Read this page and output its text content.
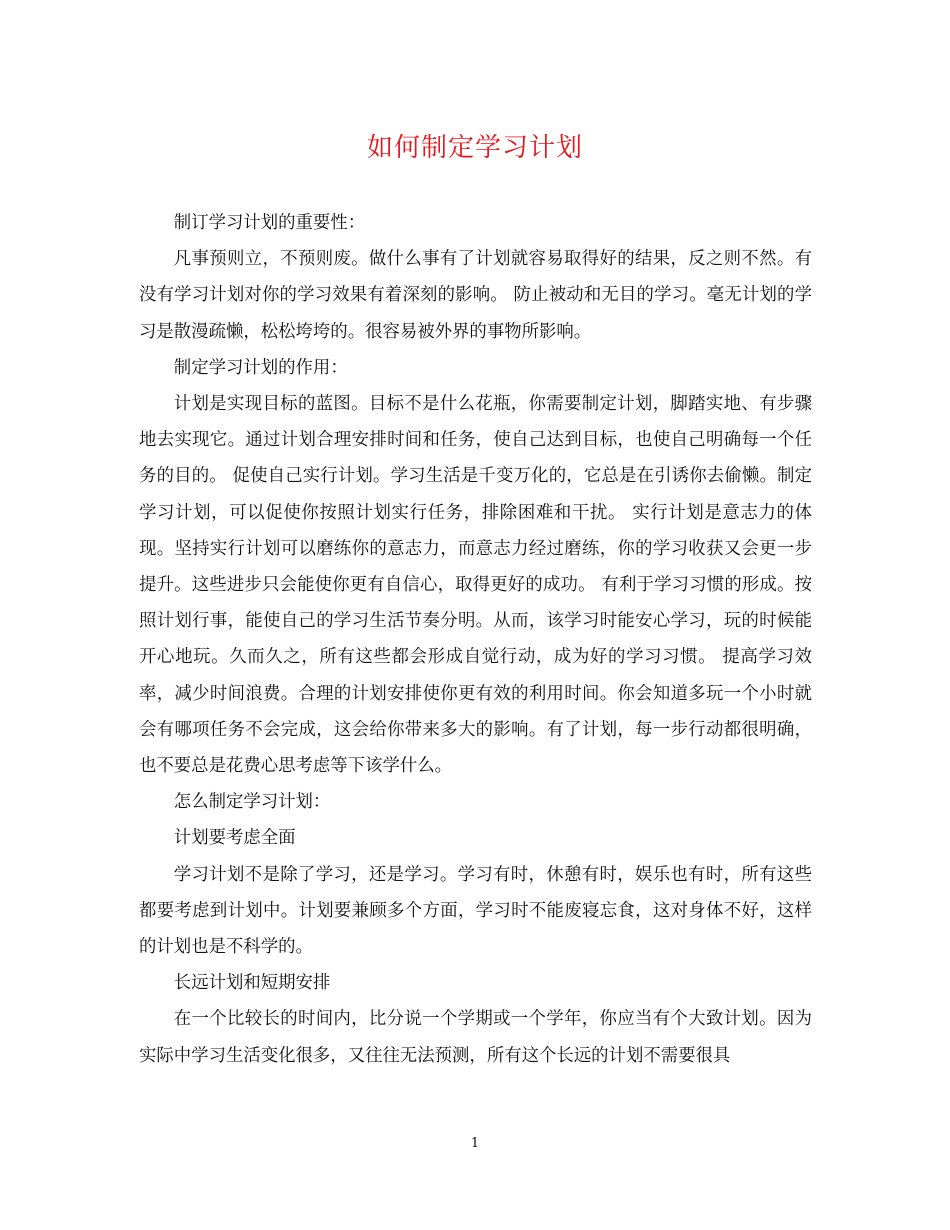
如何制定学习计划

制订学习计划的重要性：

凡事预则立，不预则废。做什么事有了计划就容易取得好的结果，反之则不然。有没有学习计划对你的学习效果有着深刻的影响。 防止被动和无目的学习。毫无计划的学习是散漫疏懒，松松垮垮的。很容易被外界的事物所影响。

制定学习计划的作用：

计划是实现目标的蓝图。目标不是什么花瓶，你需要制定计划，脚踏实地、有步骤地去实现它。通过计划合理安排时间和任务，使自己达到目标，也使自己明确每一个任务的目的。 促使自己实行计划。学习生活是千变万化的，它总是在引诱你去偷懒。制定学习计划，可以促使你按照计划实行任务，排除困难和干扰。 实行计划是意志力的体现。坚持实行计划可以磨练你的意志力，而意志力经过磨练，你的学习收获又会更一步提升。这些进步只会能使你更有自信心，取得更好的成功。 有利于学习习惯的形成。按照计划行事，能使自己的学习生活节奏分明。从而，该学习时能安心学习，玩的时候能开心地玩。久而久之，所有这些都会形成自觉行动，成为好的学习习惯。 提高学习效率，减少时间浪费。合理的计划安排使你更有效的利用时间。你会知道多玩一个小时就会有哪项任务不会完成，这会给你带来多大的影响。有了计划，每一步行动都很明确，也不要总是花费心思考虑等下该学什么。

怎么制定学习计划：

计划要考虑全面

学习计划不是除了学习，还是学习。学习有时，休憩有时，娱乐也有时，所有这些都要考虑到计划中。计划要兼顾多个方面，学习时不能废寝忘食，这对身体不好，这样的计划也是不科学的。

长远计划和短期安排

在一个比较长的时间内，比分说一个学期或一个学年，你应当有个大致计划。因为实际中学习生活变化很多，又往往无法预测，所有这个长远的计划不需要很具

1
